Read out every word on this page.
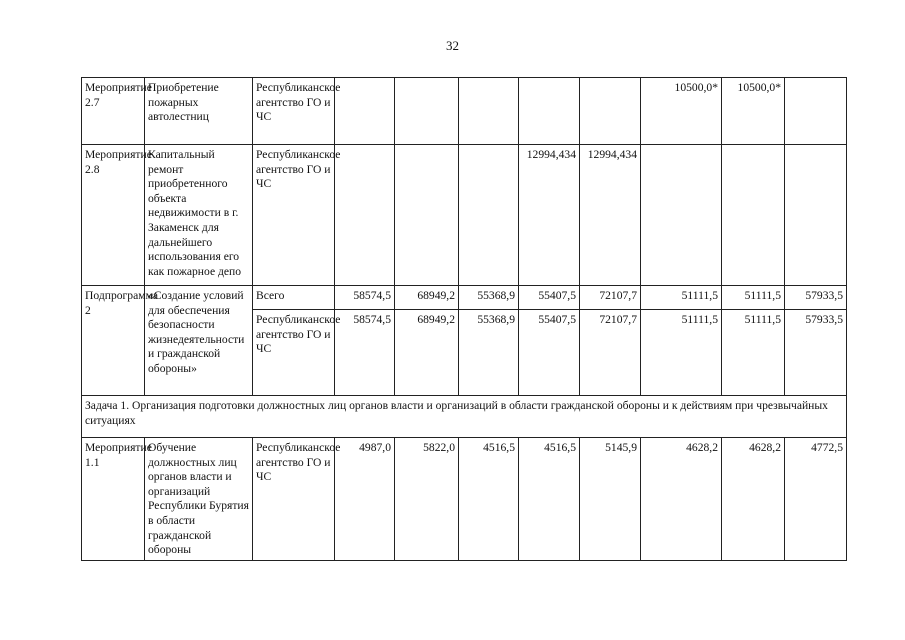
32
Мероприятие 2.7	Приобретение пожарных автолестниц	Республиканское агентство ГО и ЧС						10500,0*	10500,0*	
Мероприятие 2.8	Капитальный ремонт приобретенного объекта недвижимости в г. Закаменск для дальнейшего использования его как пожарное депо	Республиканское агентство ГО и ЧС				12994,434	12994,434			
Подпрограмма 2	«Создание условий для обеспечения безопасности жизнедеятельности и гражданской обороны»	Всего	58574,5	68949,2	55368,9	55407,5	72107,7	51111,5	51111,5	57933,5
		Республиканское агентство ГО и ЧС	58574,5	68949,2	55368,9	55407,5	72107,7	51111,5	51111,5	57933,5
Задача 1. Организация подготовки должностных лиц органов власти и организаций в области гражданской обороны и к действиям при чрезвычайных ситуациях										
Мероприятие 1.1	Обучение должностных лиц органов власти и организаций Республики Бурятия в области гражданской обороны	Республиканское агентство ГО и ЧС	4987,0	5822,0	4516,5	4516,5	5145,9	4628,2	4628,2	4772,5
